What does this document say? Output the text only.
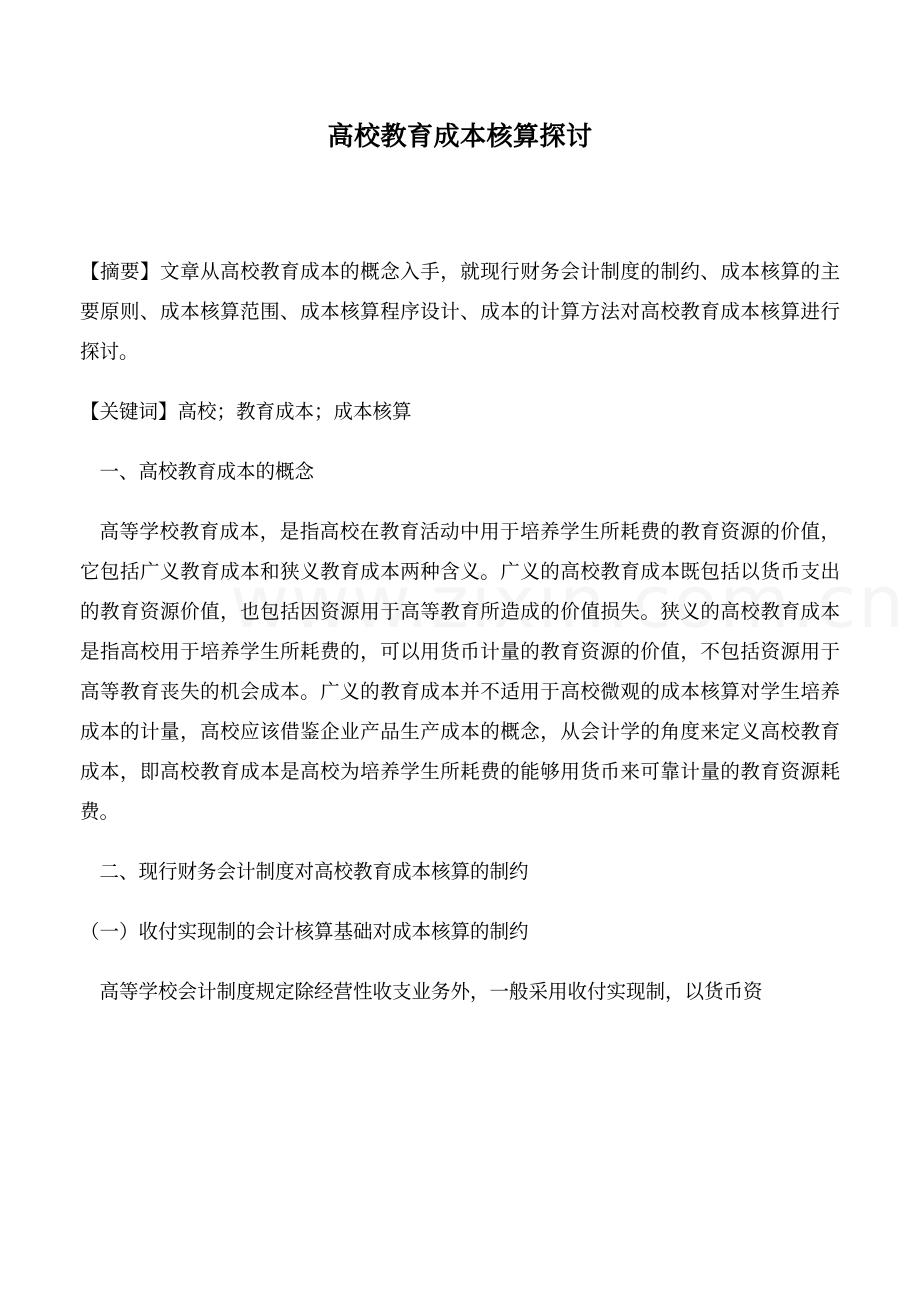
高校教育成本核算探讨

【摘要】文章从高校教育成本的概念入手，就现行财务会计制度的制约、成本核算的主要原则、成本核算范围、成本核算程序设计、成本的计算方法对高校教育成本核算进行探讨。

【关键词】高校；教育成本；成本核算

一、高校教育成本的概念

高等学校教育成本，是指高校在教育活动中用于培养学生所耗费的教育资源的价值，它包括广义教育成本和狭义教育成本两种含义。广义的高校教育成本既包括以货币支出的教育资源价值，也包括因资源用于高等教育所造成的价值损失。狭义的高校教育成本是指高校用于培养学生所耗费的，可以用货币计量的教育资源的价值，不包括资源用于高等教育丧失的机会成本。广义的教育成本并不适用于高校微观的成本核算对学生培养成本的计量，高校应该借鉴企业产品生产成本的概念，从会计学的角度来定义高校教育成本，即高校教育成本是高校为培养学生所耗费的能够用货币来可靠计量的教育资源耗费。

二、现行财务会计制度对高校教育成本核算的制约

（一）收付实现制的会计核算基础对成本核算的制约

高等学校会计制度规定除经营性收支业务外，一般采用收付实现制，以货币资
